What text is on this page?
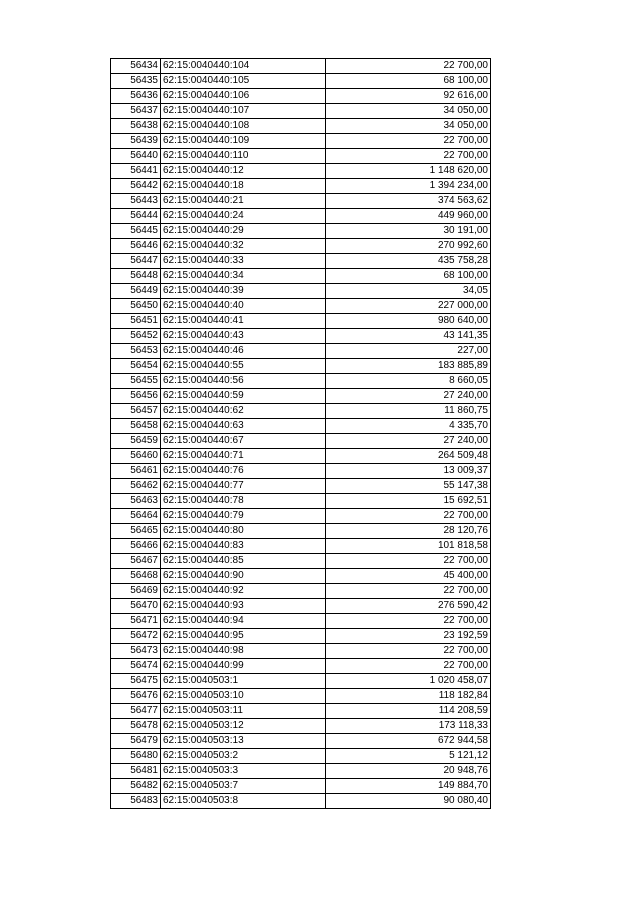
56434	62:15:0040440:104	22 700,00
56435	62:15:0040440:105	68 100,00
56436	62:15:0040440:106	92 616,00
56437	62:15:0040440:107	34 050,00
56438	62:15:0040440:108	34 050,00
56439	62:15:0040440:109	22 700,00
56440	62:15:0040440:110	22 700,00
56441	62:15:0040440:12	1 148 620,00
56442	62:15:0040440:18	1 394 234,00
56443	62:15:0040440:21	374 563,62
56444	62:15:0040440:24	449 960,00
56445	62:15:0040440:29	30 191,00
56446	62:15:0040440:32	270 992,60
56447	62:15:0040440:33	435 758,28
56448	62:15:0040440:34	68 100,00
56449	62:15:0040440:39	34,05
56450	62:15:0040440:40	227 000,00
56451	62:15:0040440:41	980 640,00
56452	62:15:0040440:43	43 141,35
56453	62:15:0040440:46	227,00
56454	62:15:0040440:55	183 885,89
56455	62:15:0040440:56	8 660,05
56456	62:15:0040440:59	27 240,00
56457	62:15:0040440:62	11 860,75
56458	62:15:0040440:63	4 335,70
56459	62:15:0040440:67	27 240,00
56460	62:15:0040440:71	264 509,48
56461	62:15:0040440:76	13 009,37
56462	62:15:0040440:77	55 147,38
56463	62:15:0040440:78	15 692,51
56464	62:15:0040440:79	22 700,00
56465	62:15:0040440:80	28 120,76
56466	62:15:0040440:83	101 818,58
56467	62:15:0040440:85	22 700,00
56468	62:15:0040440:90	45 400,00
56469	62:15:0040440:92	22 700,00
56470	62:15:0040440:93	276 590,42
56471	62:15:0040440:94	22 700,00
56472	62:15:0040440:95	23 192,59
56473	62:15:0040440:98	22 700,00
56474	62:15:0040440:99	22 700,00
56475	62:15:0040503:1	1 020 458,07
56476	62:15:0040503:10	118 182,84
56477	62:15:0040503:11	114 208,59
56478	62:15:0040503:12	173 118,33
56479	62:15:0040503:13	672 944,58
56480	62:15:0040503:2	5 121,12
56481	62:15:0040503:3	20 948,76
56482	62:15:0040503:7	149 884,70
56483	62:15:0040503:8	90 080,40
